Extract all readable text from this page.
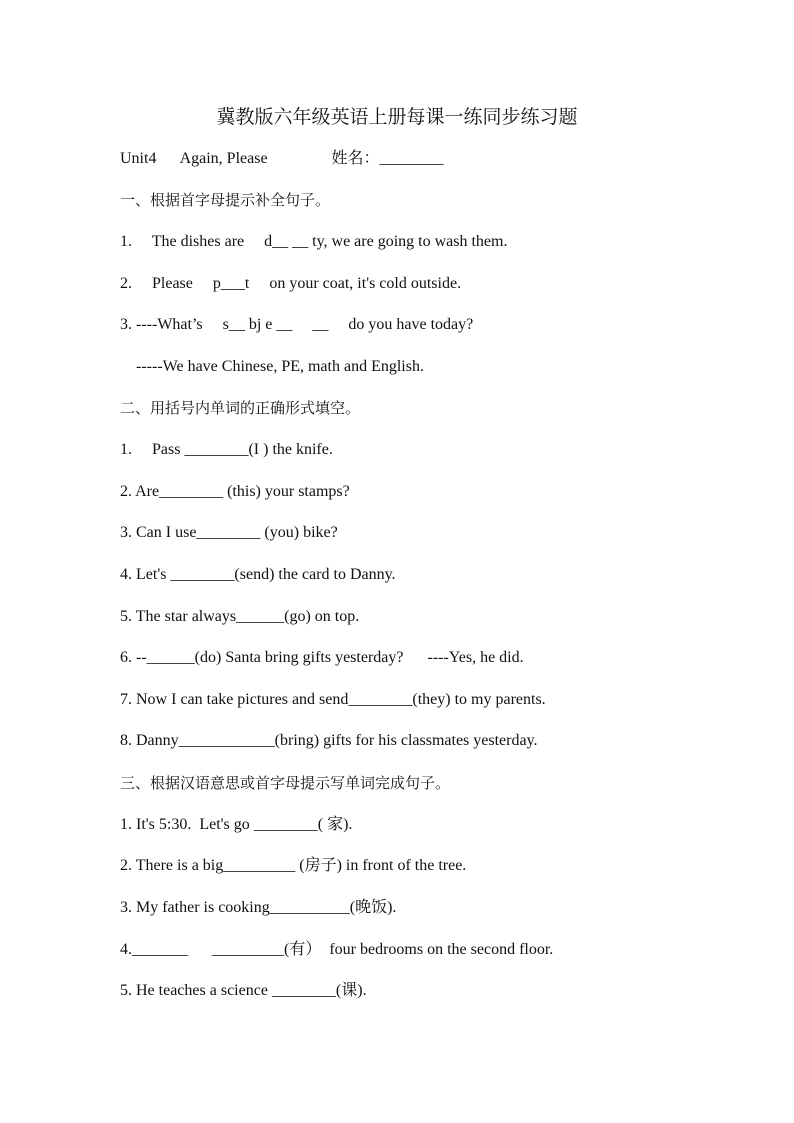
冀教版六年级英语上册每课一练同步练习题
Unit4      Again, Please                姓名：________
一、根据首字母提示补全句子。
1.     The dishes are     d__ __ ty, we are going to wash them.
2.     Please     p___t     on your coat, it's cold outside.
3. ----What’s     s__ bj e __     __     do you have today?
-----We have Chinese, PE, math and English.
二、用括号内单词的正确形式填空。
1.     Pass ________(I ) the knife.
2. Are________ (this) your stamps?
3. Can I use________ (you) bike?
4. Let's ________(send) the card to Danny.
5. The star always______(go) on top.
6. --______(do) Santa bring gifts yesterday?      ----Yes, he did.
7. Now I can take pictures and send________(they) to my parents.
8. Danny____________(bring) gifts for his classmates yesterday.
三、根据汉语意思或首字母提示写单词完成句子。
1. It's 5:30.  Let's go ________( 家).
2. There is a big_________ (房子) in front of the tree.
3. My father is cooking__________(晚饭).
4._______      _________(有）  four bedrooms on the second floor.
5. He teaches a science ________(课).
